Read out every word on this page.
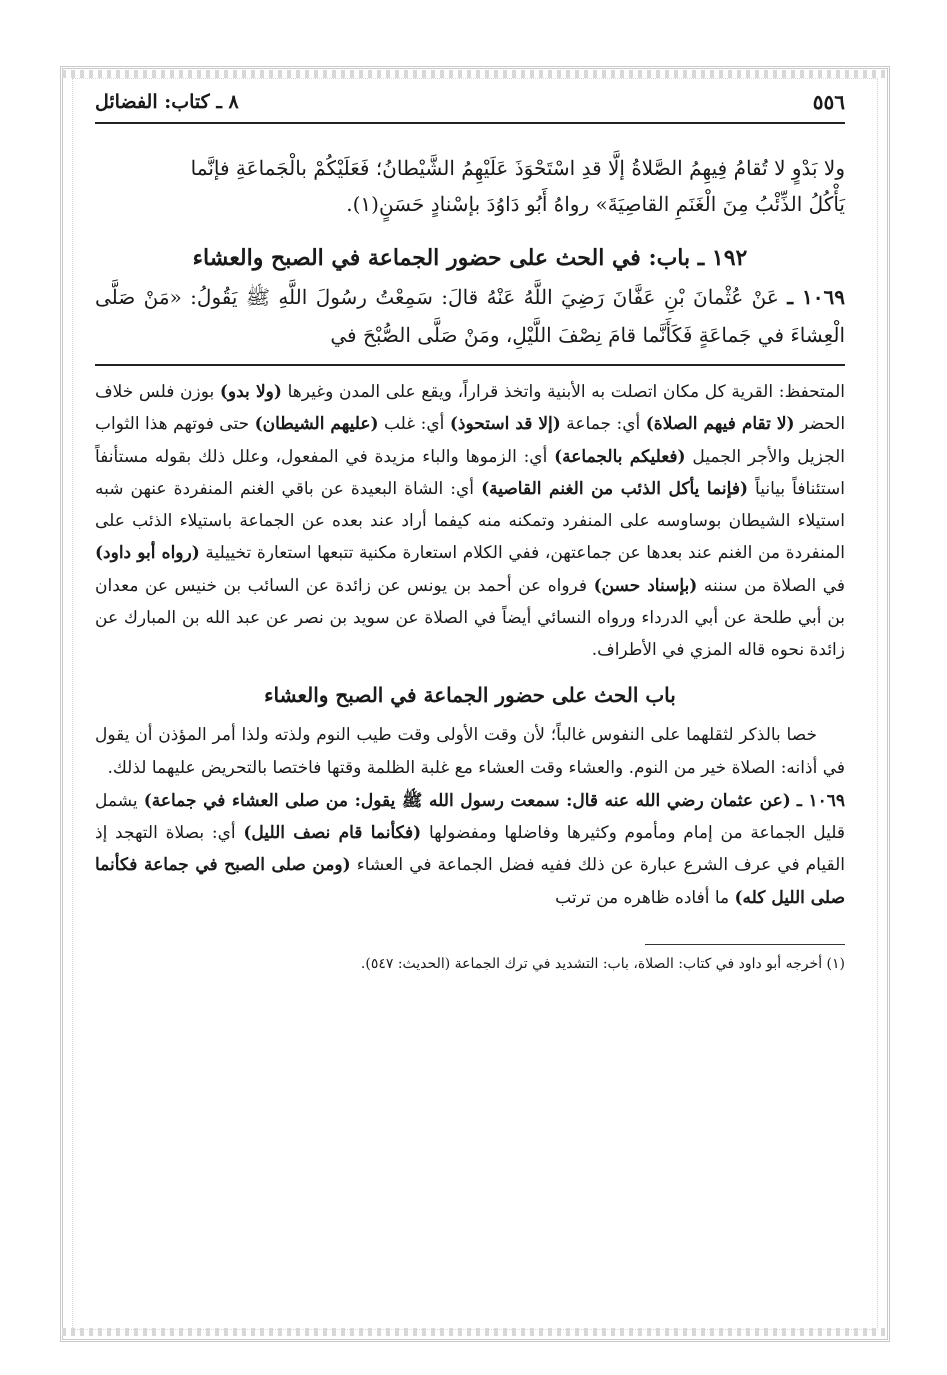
٥٥٦
٨ ـ كتاب: الفضائل

ولا بَدْوٍ لا تُقامُ فِيهِمُ الصَّلاةُ إلَّا قدِ اسْتَحْوَذَ عَلَيْهِمُ الشَّيْطانُ؛ فَعَلَيْكُمْ بالْجَماعَةِ فإنَّما

يَأْكُلُ الذِّئْبُ مِنَ الْغَنَمِ القاصِيَةَ» رواهُ أَبُو دَاوُدَ بإسْنادٍ حَسَنٍ(١).

١٩٢ ـ باب: في الحث على حضور الجماعة في الصبح والعشاء
١٠٦٩ ـ عَنْ عُثْمانَ بْنِ عَفَّانَ رَضِيَ اللَّهُ عَنْهُ قالَ: سَمِعْتُ رسُولَ اللَّهِ ﷺ يَقُولُ: «مَنْ صَلَّى الْعِشاءَ في جَماعَةٍ فَكَأَنَّما قامَ نِصْفَ اللَّيْلِ، ومَنْ صَلَّى الصُّبْحَ في

المتحفظ: القرية كل مكان اتصلت به الأبنية واتخذ قراراً، ويقع على المدن وغيرها (ولا بدو) بوزن فلس خلاف الحضر (لا تقام فيهم الصلاة) أي: جماعة (إلا قد استحوذ) أي: غلب (عليهم الشيطان) حتى فوتهم هذا الثواب الجزيل والأجر الجميل (فعليكم بالجماعة) أي: الزموها والباء مزيدة في المفعول، وعلل ذلك بقوله مستأنفاً استئنافاً بيانياً (فإنما يأكل الذئب من الغنم القاصية) أي: الشاة البعيدة عن باقي الغنم المنفردة عنهن شبه استيلاء الشيطان بوساوسه على المنفرد وتمكنه منه كيفما أراد عند بعده عن الجماعة باستيلاء الذئب على المنفردة من الغنم عند بعدها عن جماعتهن، ففي الكلام استعارة مكنية تتبعها استعارة تخييلية (رواه أبو داود) في الصلاة من سننه (بإسناد حسن) فرواه عن أحمد بن يونس عن زائدة عن السائب بن خنيس عن معدان بن أبي طلحة عن أبي الدرداء ورواه النسائي أيضاً في الصلاة عن سويد بن نصر عن عبد الله بن المبارك عن زائدة نحوه قاله المزي في الأطراف.

باب الحث على حضور الجماعة في الصبح والعشاء

خصا بالذكر لثقلهما على النفوس غالباً؛ لأن وقت الأولى وقت طيب النوم ولذته ولذا أمر المؤذن أن يقول في أذانه: الصلاة خير من النوم. والعشاء وقت العشاء مع غلبة الظلمة وقتها فاختصا بالتحريض عليهما لذلك.

١٠٦٩ ـ (عن عثمان رضي الله عنه قال: سمعت رسول الله ﷺ يقول: من صلى العشاء في جماعة) يشمل قليل الجماعة من إمام ومأموم وكثيرها وفاضلها ومفضولها (فكأنما قام نصف الليل) أي: بصلاة التهجد إذ القيام في عرف الشرع عبارة عن ذلك ففيه فضل الجماعة في العشاء (ومن صلى الصبح في جماعة فكأنما صلى الليل كله) ما أفاده ظاهره من ترتب

(١) أخرجه أبو داود في كتاب: الصلاة، باب: التشديد في ترك الجماعة (الحديث: ٥٤٧).
